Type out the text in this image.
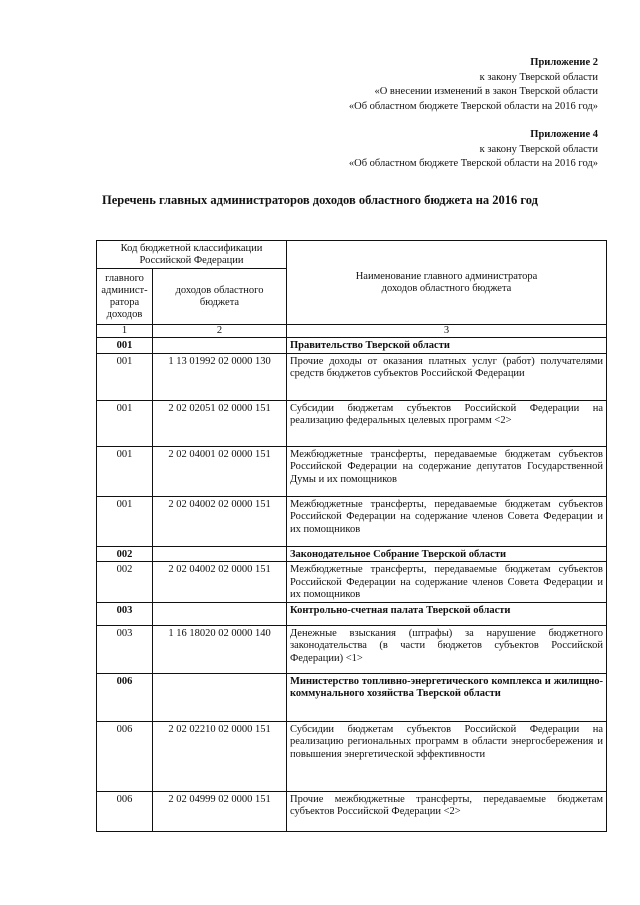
Приложение 2
к закону Тверской области
«О внесении изменений в закон Тверской области
«Об областном бюджете Тверской области на 2016 год»
Приложение 4
к закону Тверской области
«Об областном бюджете Тверской области на 2016 год»
Перечень главных администраторов доходов областного бюджета на 2016 год
Код бюджетной классификации Российской Федерации		Наименование главного администратора доходов областного бюджета
главного админист-ратора доходов	доходов областного бюджета	
1	2	3
001		Правительство Тверской области
001	1 13 01992 02 0000 130	Прочие доходы от оказания платных услуг (работ) получателями средств бюджетов субъектов Российской Федерации
001	2 02 02051 02 0000 151	Субсидии бюджетам субъектов Российской Федерации на реализацию федеральных целевых программ <2>
001	2 02 04001 02 0000 151	Межбюджетные трансферты, передаваемые бюджетам субъектов Российской Федерации на содержание депутатов Государственной Думы и их помощников
001	2 02 04002 02 0000 151	Межбюджетные трансферты, передаваемые бюджетам субъектов Российской Федерации на содержание членов Совета Федерации и их помощников
002		Законодательное Собрание Тверской области
002	2 02 04002 02 0000 151	Межбюджетные трансферты, передаваемые бюджетам субъектов Российской Федерации на содержание членов Совета Федерации и их помощников
003		Контрольно-счетная палата Тверской области
003	1 16 18020 02 0000 140	Денежные взыскания (штрафы) за нарушение бюджетного законодательства (в части бюджетов субъектов Российской Федерации) <1>
006		Министерство топливно-энергетического комплекса и жилищно-коммунального хозяйства Тверской области
006	2 02 02210 02 0000 151	Субсидии бюджетам субъектов Российской Федерации на реализацию региональных программ в области энергосбережения и повышения энергетической эффективности
006	2 02 04999 02 0000 151	Прочие межбюджетные трансферты, передаваемые бюджетам субъектов Российской Федерации <2>
